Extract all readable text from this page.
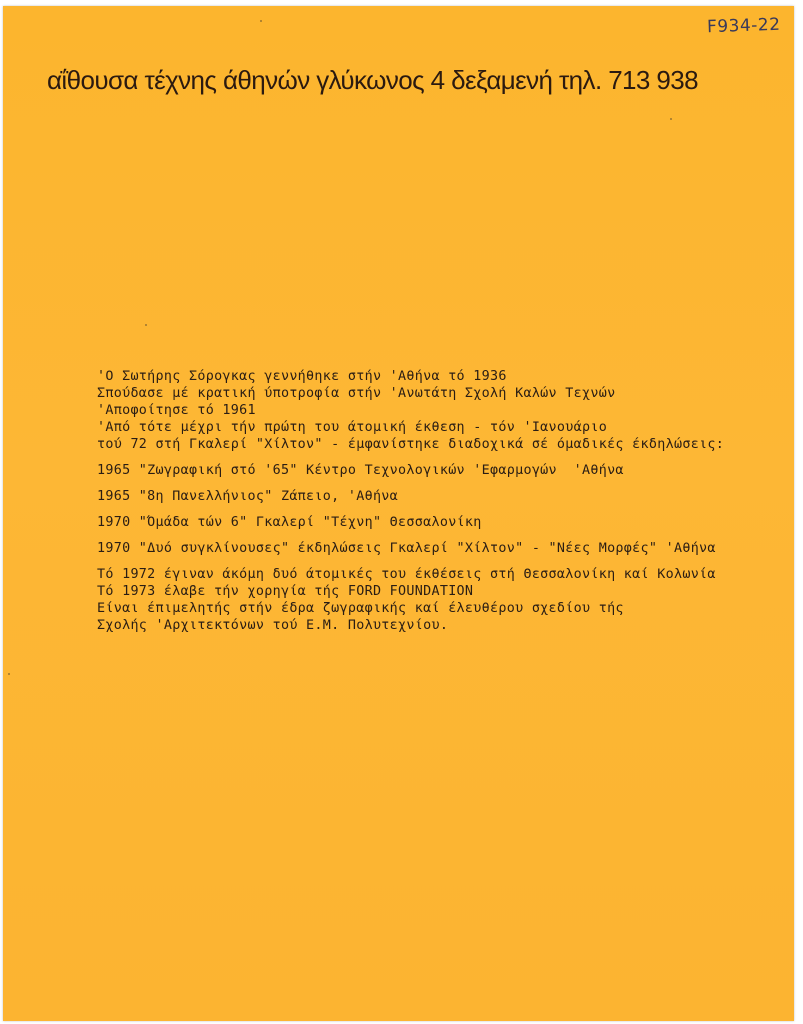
F934-22
αΐθουσα τέχνης άθηνών γλύκωνος 4 δεξαμενή τηλ. 713 938
'Ο Σωτήρης Σόρογκας γεννήθηκε στήν 'Αθήνα τό 1936
Σπούδασε μέ κρατική ύποτροφία στήν 'Ανωτάτη Σχολή Καλών Τεχνών
'Αποφοίτησε τό 1961
'Από τότε μέχρι τήν πρώτη του άτομική έκθεση - τόν 'Ιανουάριο
τού 72 στή Γκαλερί "Χίλτον" - έμφανίστηκε διαδοχικά σέ όμαδικές έκδηλώσεις:
1965 "Ζωγραφική στό '65" Κέντρο Τεχνολογικών 'Εφαρμογών  'Αθήνα
1965 "8η Πανελλήνιος" Ζάπειο, 'Αθήνα
1970 "Όμάδα τών 6" Γκαλερί "Τέχνη" Θεσσαλονίκη
1970 "Δυό συγκλίνουσες" έκδηλώσεις Γκαλερί "Χίλτον" - "Νέες Μορφές" 'Αθήνα
Τό 1972 έγιναν άκόμη δυό άτομικές του έκθέσεις στή Θεσσαλονίκη καί Κολωνία
Τό 1973 έλαβε τήν χορηγία τής FORD FOUNDATION
Είναι έπιμελητής στήν έδρα ζωγραφικής καί έλευθέρου σχεδίου τής
Σχολής 'Αρχιτεκτόνων τού Ε.Μ. Πολυτεχνίου.
